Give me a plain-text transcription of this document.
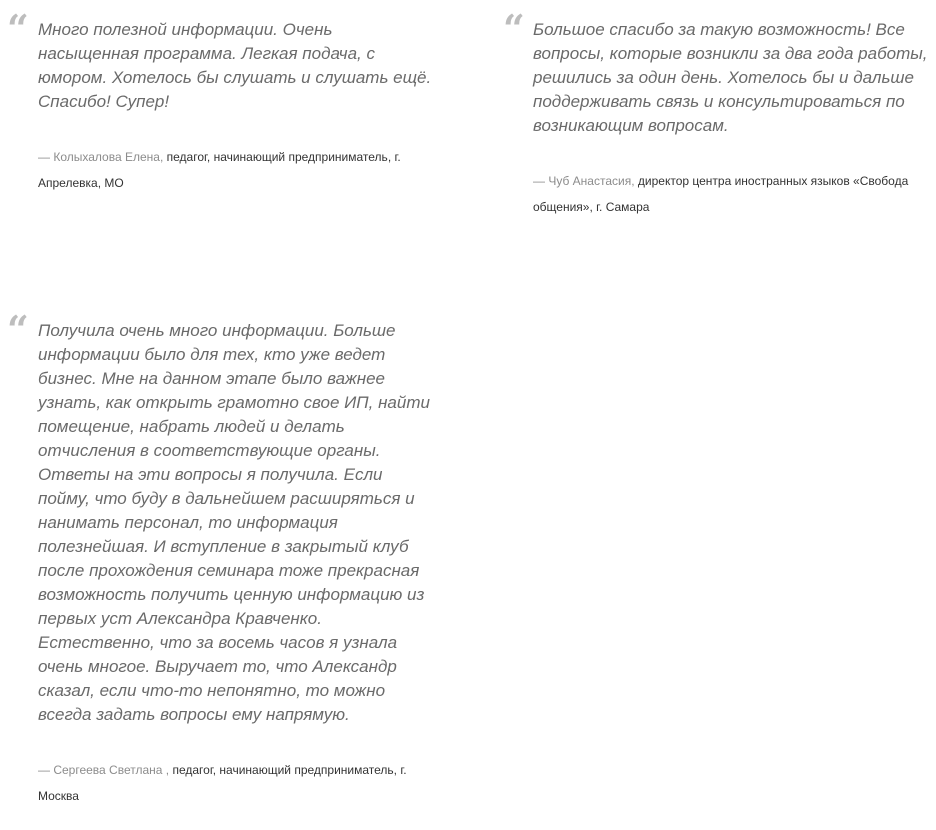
“ Много полезной информации. Очень насыщенная программа. Легкая подача, с юмором. Хотелось бы слушать и слушать ещё. Спасибо! Супер!

— Колыхалова Елена, педагог, начинающий предприниматель, г. Апрелевка, МО
“ Большое спасибо за такую возможность! Все вопросы, которые возникли за два года работы, решились за один день. Хотелось бы и дальше поддерживать связь и консультироваться по возникающим вопросам.

— Чуб Анастасия, директор центра иностранных языков «Свобода общения», г. Самара
“ Получила очень много информации. Больше информации было для тех, кто уже ведет бизнес. Мне на данном этапе было важнее узнать, как открыть грамотно свое ИП, найти помещение, набрать людей и делать отчисления в соответствующие органы. Ответы на эти вопросы я получила. Если пойму, что буду в дальнейшем расширяться и нанимать персонал, то информация полезнейшая. И вступление в закрытый клуб после прохождения семинара тоже прекрасная возможность получить ценную информацию из первых уст Александра Кравченко. Естественно, что за восемь часов я узнала очень многое. Выручает то, что Александр сказал, если что-то непонятно, то можно всегда задать вопросы ему напрямую.

— Сергеева Светлана , педагог, начинающий предприниматель, г. Москва
